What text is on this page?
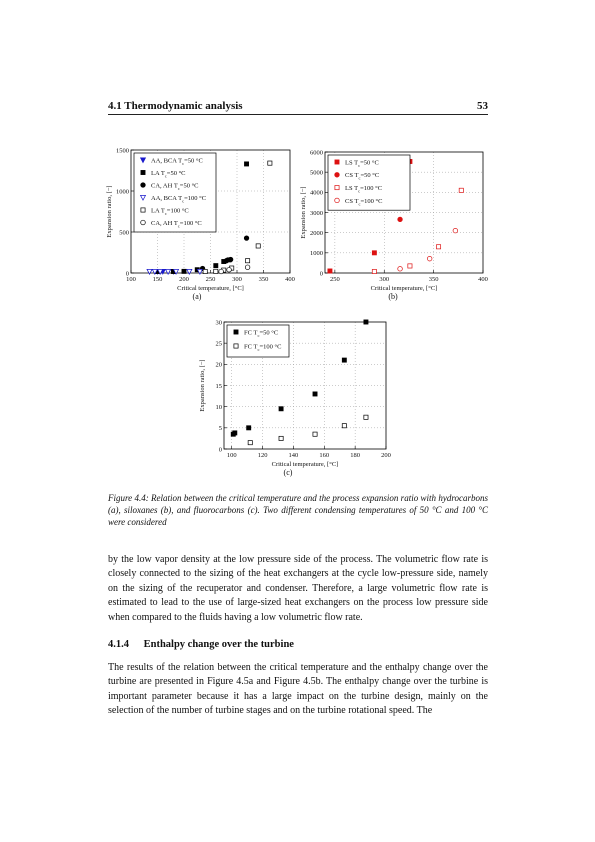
4.1 Thermodynamic analysis	53
100	150	200	250	300	350	400
0
500
1000
1500
Critical temperature, [°C]
Expansion ratio, [−]
(a)
AA, BCA $T_c=50$ °C
LA $T_c=50$ °C
CA, AH $T_c=50$ °C
AA, BCA $T_c=100$ °C
LA $T_c=100$ °C
CA, AH $T_c=100$ °C
250	300	350	400
0
1000
2000
3000
4000
5000
6000
Critical temperature, [°C]
Expansion ratio, [−]
(b)
LS $T_c=50$ °C
CS $T_c=50$ °C
LS $T_c=100$ °C
CS $T_c=100$ °C
100	120	140	160	180	200
0
5
10
15
20
25
30
Critical temperature, [°C]
Expansion ratio, [−]
(c)
FC $T_c=50$ °C
FC $T_c=100$ °C
Figure 4.4: Relation between the critical temperature and the process expansion ratio with hydrocarbons (a), siloxanes (b), and fluorocarbons (c). Two different condensing temperatures of 50 °C and 100 °C were considered
by the low vapor density at the low pressure side of the process. The volumetric flow rate is closely connected to the sizing of the heat exchangers at the cycle low-pressure side, namely on the sizing of the recuperator and condenser. Therefore, a large volumetric flow rate is estimated to lead to the use of large-sized heat exchangers on the process low pressure side when compared to the fluids having a low volumetric flow rate.
4.1.4 Enthalpy change over the turbine
The results of the relation between the critical temperature and the enthalpy change over the turbine are presented in Figure 4.5a and Figure 4.5b. The enthalpy change over the turbine is important parameter because it has a large impact on the turbine design, mainly on the selection of the number of turbine stages and on the turbine rotational speed. The
